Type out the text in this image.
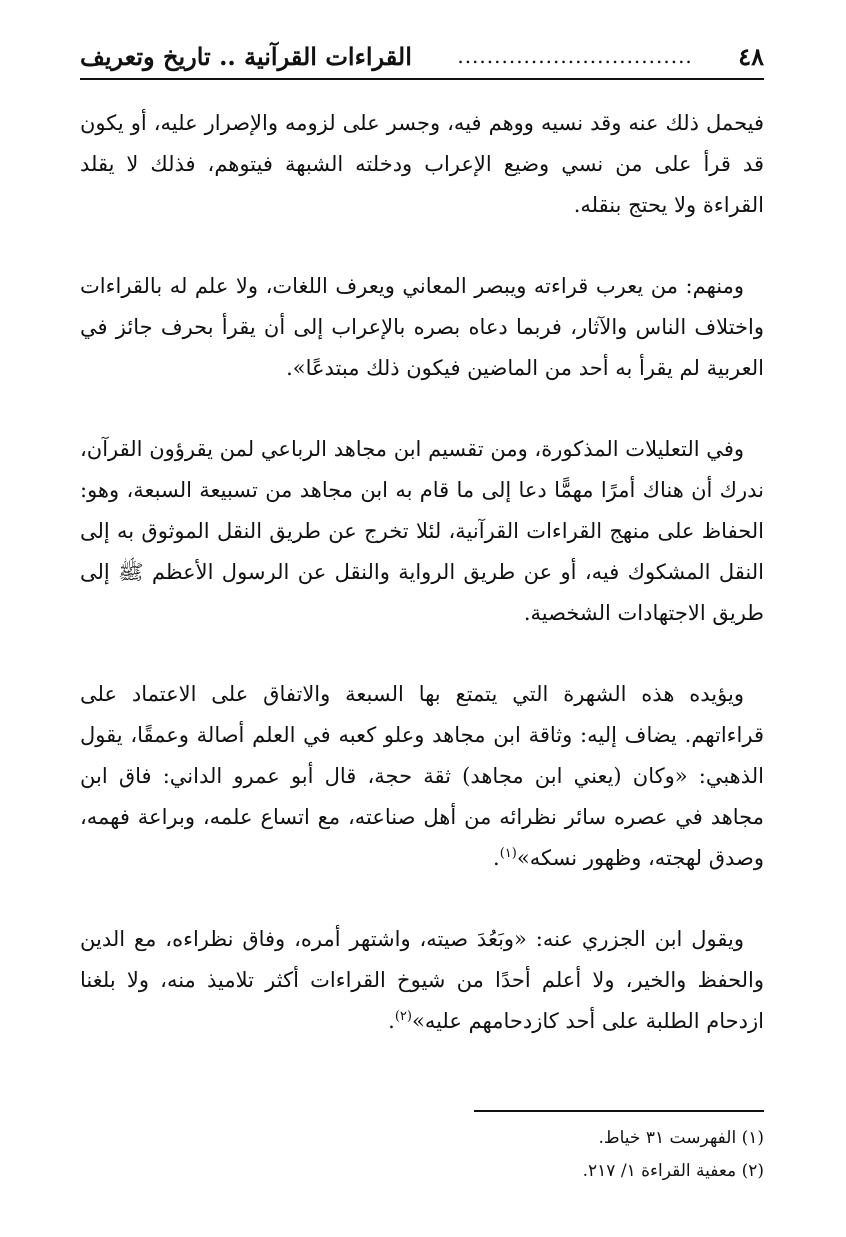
٤٨
................................
القراءات القرآنية .. تاريخ وتعريف

فيحمل ذلك عنه وقد نسيه ووهم فيه، وجسر على لزومه والإصرار عليه، أو يكون قد قرأ على من نسي وضيع الإعراب ودخلته الشبهة فيتوهم، فذلك لا يقلد القراءة ولا يحتج بنقله.

ومنهم: من يعرب قراءته ويبصر المعاني ويعرف اللغات، ولا علم له بالقراءات واختلاف الناس والآثار، فربما دعاه بصره بالإعراب إلى أن يقرأ بحرف جائز في العربية لم يقرأ به أحد من الماضين فيكون ذلك مبتدعًا».

وفي التعليلات المذكورة، ومن تقسيم ابن مجاهد الرباعي لمن يقرؤون القرآن، ندرك أن هناك أمرًا مهمًّا دعا إلى ما قام به ابن مجاهد من تسبيعة السبعة، وهو: الحفاظ على منهج القراءات القرآنية، لئلا تخرج عن طريق النقل الموثوق به إلى النقل المشكوك فيه، أو عن طريق الرواية والنقل عن الرسول الأعظم ﷺ إلى طريق الاجتهادات الشخصية.

ويؤيده هذه الشهرة التي يتمتع بها السبعة والاتفاق على الاعتماد على قراءاتهم. يضاف إليه: وثاقة ابن مجاهد وعلو كعبه في العلم أصالة وعمقًا، يقول الذهبي: «وكان (يعني ابن مجاهد) ثقة حجة، قال أبو عمرو الداني: فاق ابن مجاهد في عصره سائر نظرائه من أهل صناعته، مع اتساع علمه، وبراعة فهمه، وصدق لهجته، وظهور نسكه»$^{(١)}$.

ويقول ابن الجزري عنه: «وبَعُدَ صيته، واشتهر أمره، وفاق نظراءه، مع الدين والحفظ والخير، ولا أعلم أحدًا من شيوخ القراءات أكثر تلاميذ منه، ولا بلغنا ازدحام الطلبة على أحد كازدحامهم عليه»$^{(٢)}$.

(١) الفهرست ٣١ خياط.

(٢) معفية القراءة ١/ ٢١٧.
